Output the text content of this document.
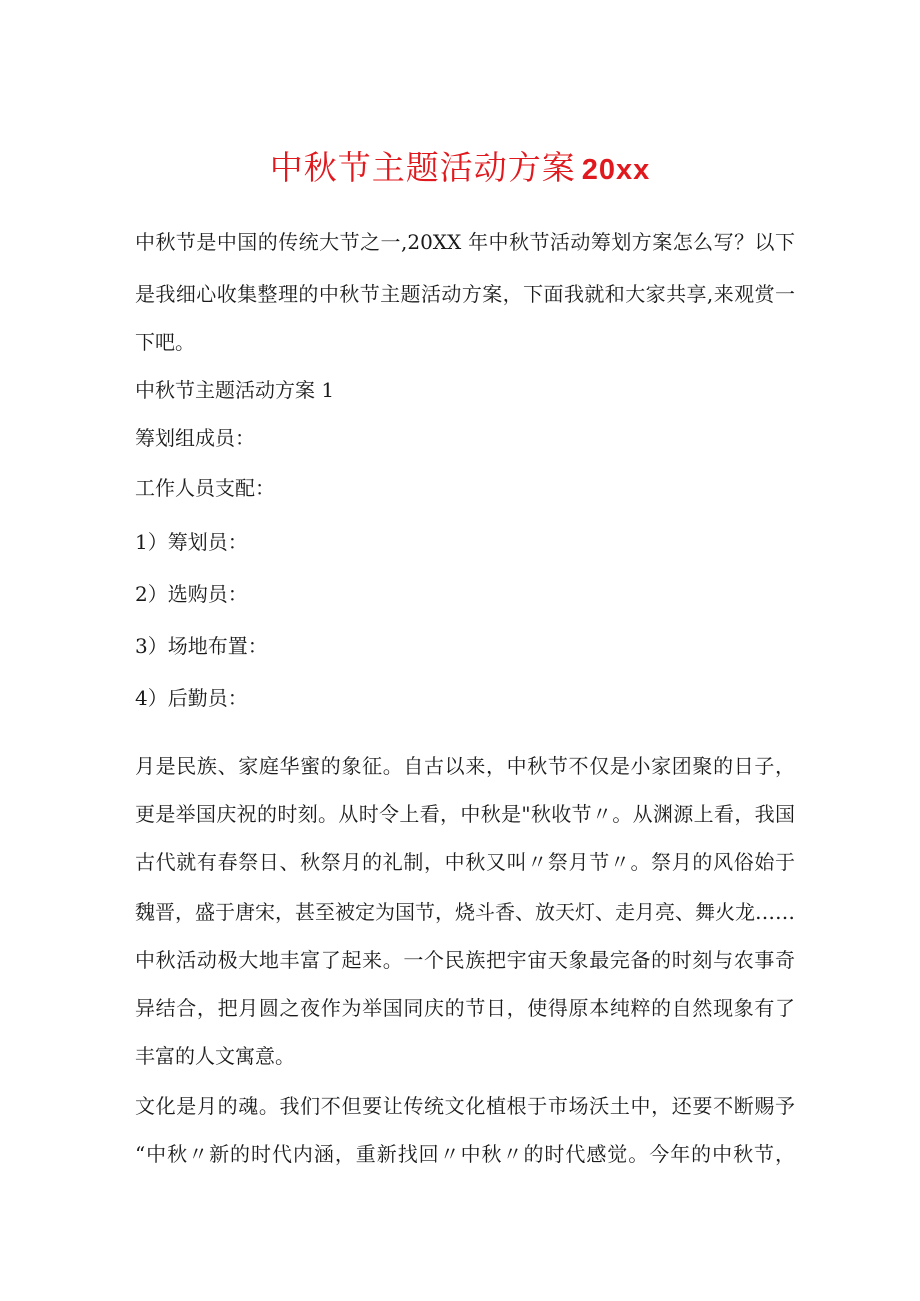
中秋节主题活动方案 20xx
中秋节是中国的传统大节之一,20XX 年中秋节活动筹划方案怎么写？以下
是我细心收集整理的中秋节主题活动方案，下面我就和大家共享,来观赏一
下吧。
中秋节主题活动方案 1
筹划组成员：
工作人员支配：
1）筹划员：
2）选购员：
3）场地布置：
4）后勤员：
月是民族、家庭华蜜的象征。自古以来，中秋节不仅是小家团聚的日子，
更是举国庆祝的时刻。从时令上看，中秋是"秋收节〃。从渊源上看，我国
古代就有春祭日、秋祭月的礼制，中秋又叫〃祭月节〃。祭月的风俗始于
魏晋，盛于唐宋，甚至被定为国节，烧斗香、放天灯、走月亮、舞火龙……
中秋活动极大地丰富了起来。一个民族把宇宙天象最完备的时刻与农事奇
异结合，把月圆之夜作为举国同庆的节日，使得原本纯粹的自然现象有了
丰富的人文寓意。
文化是月的魂。我们不但要让传统文化植根于市场沃土中，还要不断赐予
“中秋〃新的时代内涵，重新找回〃中秋〃的时代感觉。今年的中秋节，
